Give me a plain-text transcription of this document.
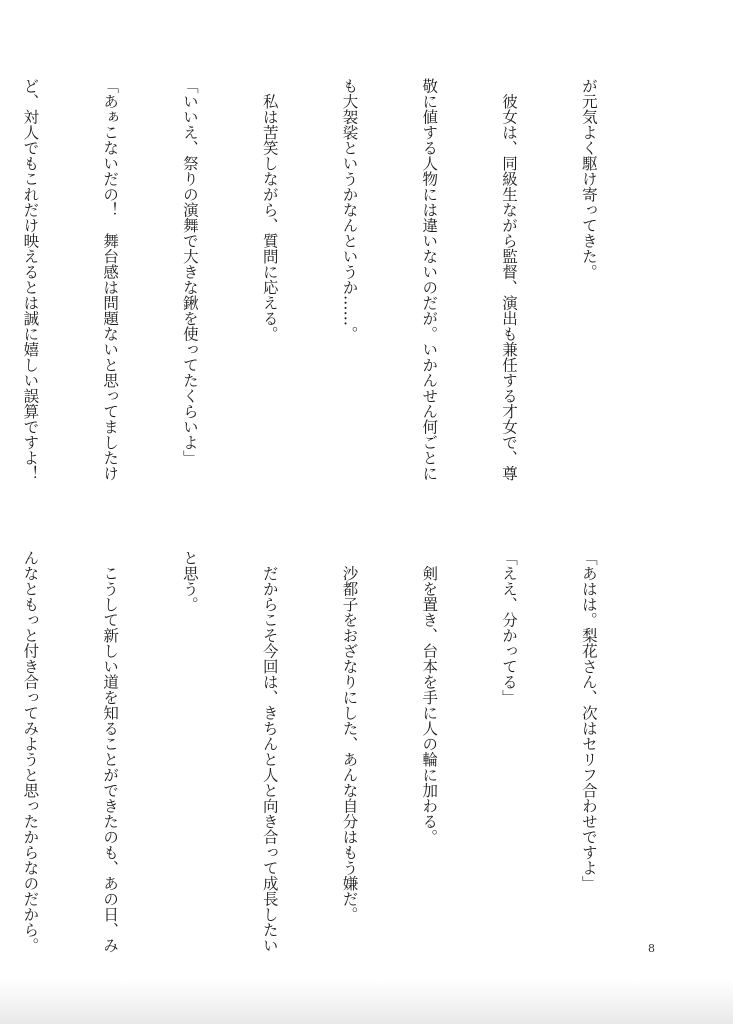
が元気よく駆け寄ってきた。

　彼女は、同級生ながら監督、演出も兼任する才女で、尊

敬に値する人物には違いないのだが。いかんせん何ごとに

も大袈裟というかなんというか……。

　私は苦笑しながら、質問に応える。

「いいえ、祭りの演舞で大きな鍬を使ってたくらいよ」

「あぁこないだの！　舞台感は問題ないと思ってましたけ

ど、対人でもこれだけ映えるとは誠に嬉しい誤算ですよ！

「あはは。梨花さん、次はセリフ合わせですよ」

「ええ、分かってる」

　剣を置き、台本を手に人の輪に加わる。

　沙都子をおざなりにした、あんな自分はもう嫌だ。

　だからこそ今回は、きちんと人と向き合って成長したい

と思う。

　こうして新しい道を知ることができたのも、あの日、み

んなともっと付き合ってみようと思ったからなのだから。

	8
